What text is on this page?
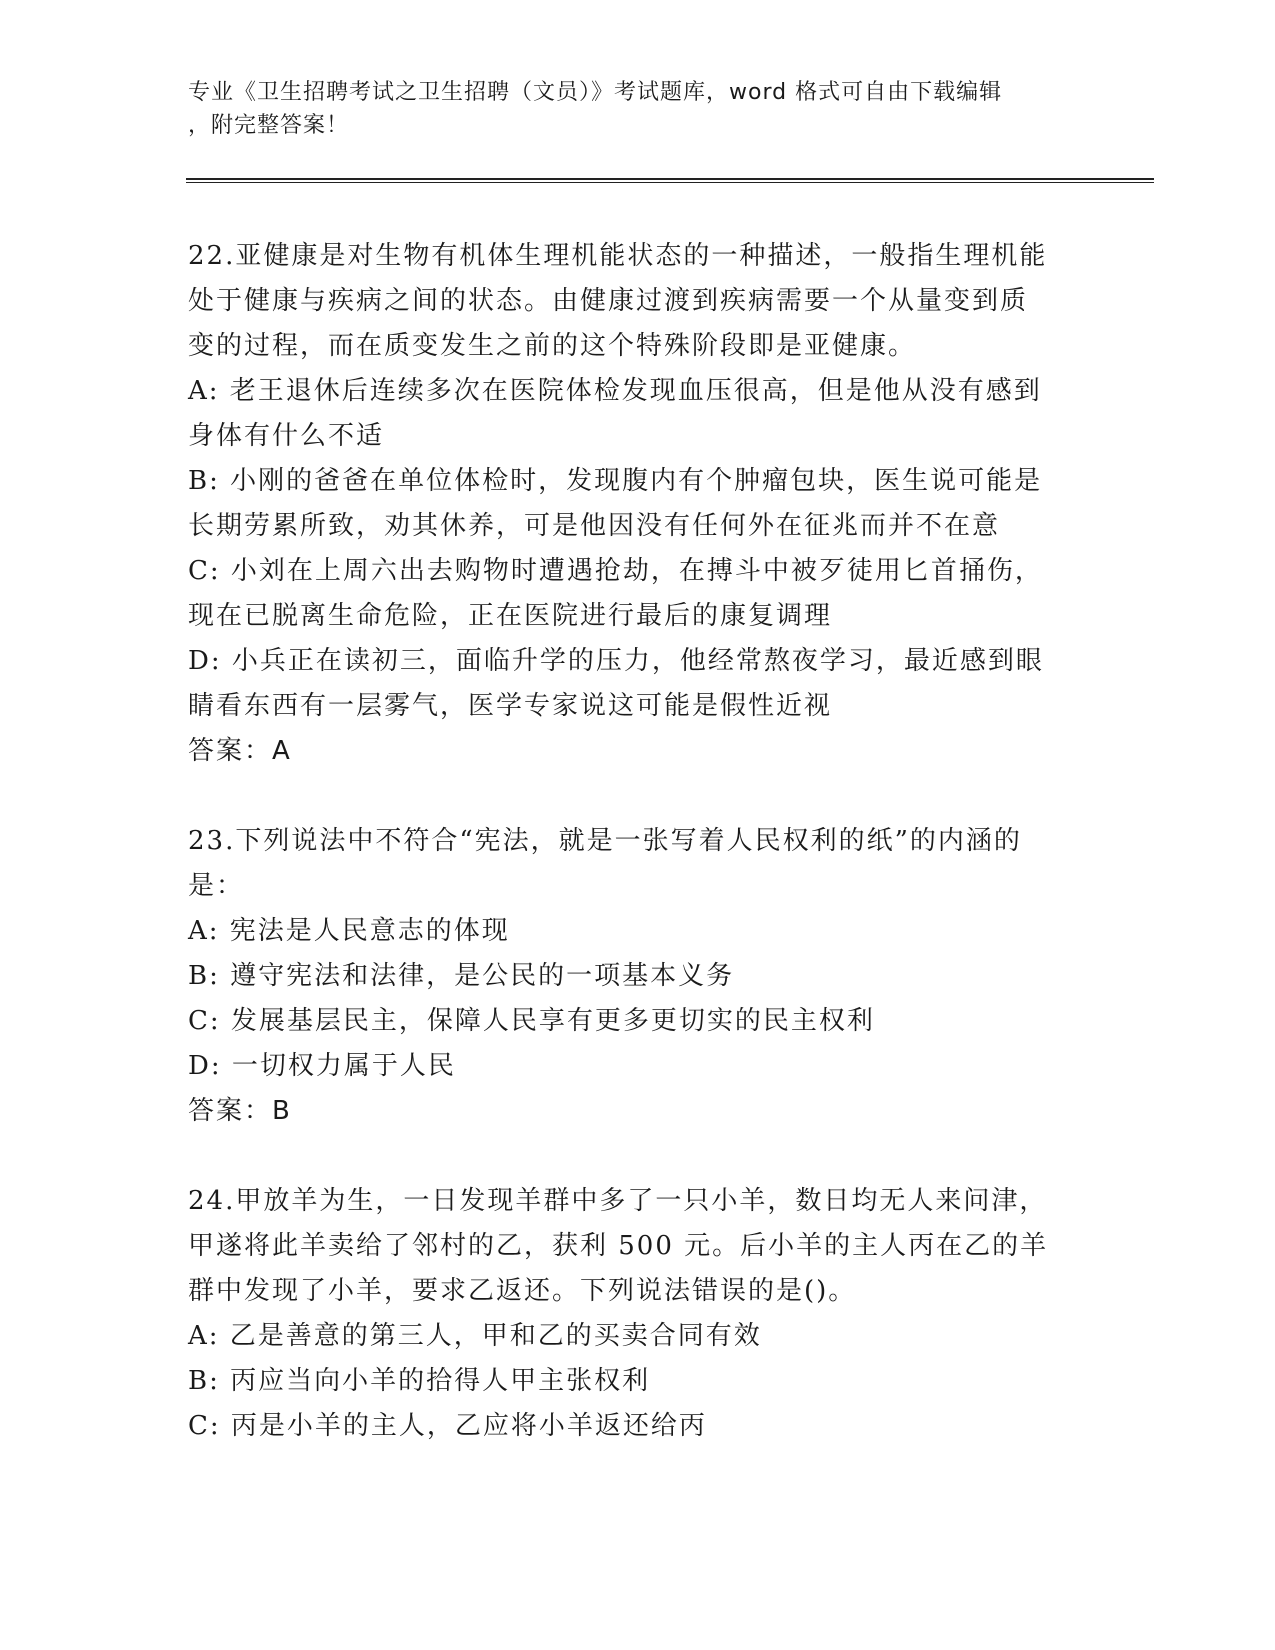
专业《卫生招聘考试之卫生招聘（文员）》考试题库，word 格式可自由下载编辑
，附完整答案！
22.亚健康是对生物有机体生理机能状态的一种描述，一般指生理机能
处于健康与疾病之间的状态。由健康过渡到疾病需要一个从量变到质
变的过程，而在质变发生之前的这个特殊阶段即是亚健康。
A: 老王退休后连续多次在医院体检发现血压很高，但是他从没有感到
身体有什么不适
B: 小刚的爸爸在单位体检时，发现腹内有个肿瘤包块，医生说可能是
长期劳累所致，劝其休养，可是他因没有任何外在征兆而并不在意
C: 小刘在上周六出去购物时遭遇抢劫，在搏斗中被歹徒用匕首捅伤，
现在已脱离生命危险，正在医院进行最后的康复调理
D: 小兵正在读初三，面临升学的压力，他经常熬夜学习，最近感到眼
睛看东西有一层雾气，医学专家说这可能是假性近视
答案：A
23.下列说法中不符合“宪法，就是一张写着人民权利的纸”的内涵的
是：
A: 宪法是人民意志的体现
B: 遵守宪法和法律，是公民的一项基本义务
C: 发展基层民主，保障人民享有更多更切实的民主权利
D: 一切权力属于人民
答案：B
24.甲放羊为生，一日发现羊群中多了一只小羊，数日均无人来问津，
甲遂将此羊卖给了邻村的乙，获利 500 元。后小羊的主人丙在乙的羊
群中发现了小羊，要求乙返还。下列说法错误的是()。
A: 乙是善意的第三人，甲和乙的买卖合同有效
B: 丙应当向小羊的拾得人甲主张权利
C: 丙是小羊的主人，乙应将小羊返还给丙
